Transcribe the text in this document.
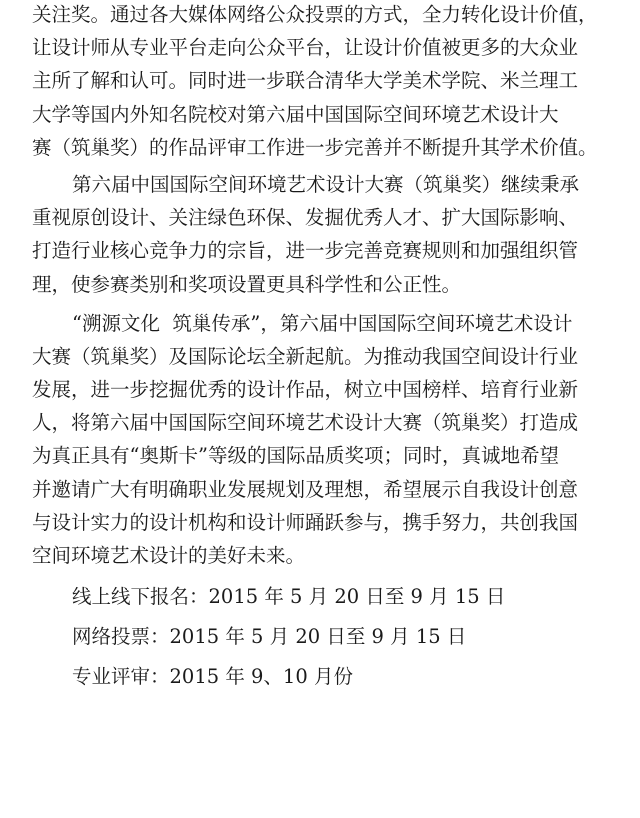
关注奖。通过各大媒体网络公众投票的方式，全力转化设计价值，
让设计师从专业平台走向公众平台，让设计价值被更多的大众业
主所了解和认可。同时进一步联合清华大学美术学院、米兰理工
大学等国内外知名院校对第六届中国国际空间环境艺术设计大
赛（筑巢奖）的作品评审工作进一步完善并不断提升其学术价值。
第六届中国国际空间环境艺术设计大赛（筑巢奖）继续秉承
重视原创设计、关注绿色环保、发掘优秀人才、扩大国际影响、
打造行业核心竞争力的宗旨，进一步完善竞赛规则和加强组织管
理，使参赛类别和奖项设置更具科学性和公正性。
“溯源文化  筑巢传承”，第六届中国国际空间环境艺术设计
大赛（筑巢奖）及国际论坛全新起航。为推动我国空间设计行业
发展，进一步挖掘优秀的设计作品，树立中国榜样、培育行业新
人，将第六届中国国际空间环境艺术设计大赛（筑巢奖）打造成
为真正具有“奥斯卡”等级的国际品质奖项；同时，真诚地希望
并邀请广大有明确职业发展规划及理想，希望展示自我设计创意
与设计实力的设计机构和设计师踊跃参与，携手努力，共创我国
空间环境艺术设计的美好未来。
线上线下报名：2015 年 5 月 20 日至 9 月 15 日
网络投票：2015 年 5 月 20 日至 9 月 15 日
专业评审：2015 年 9、10 月份
